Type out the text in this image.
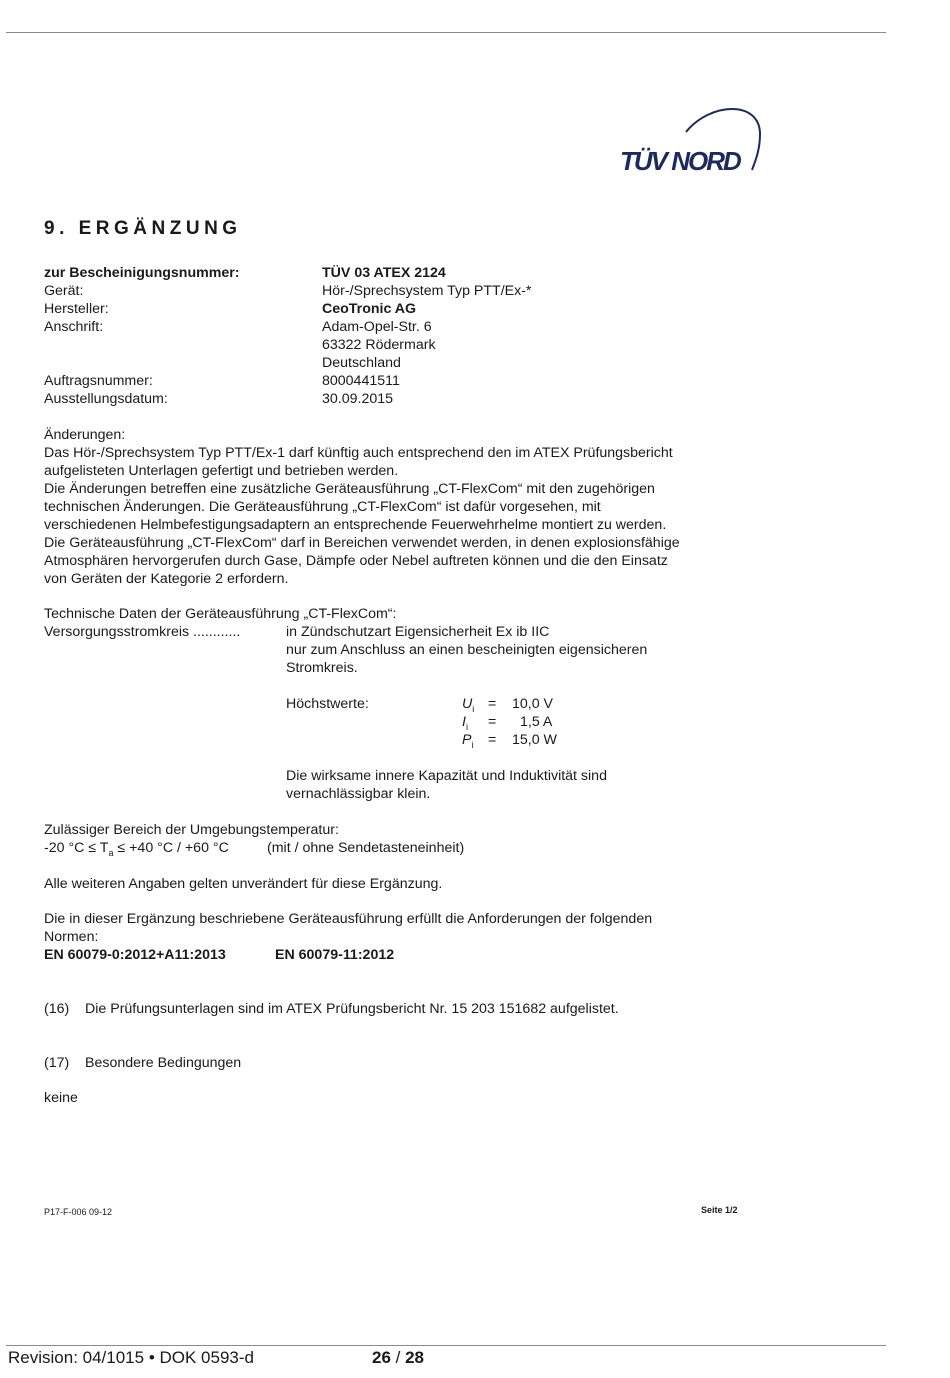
TÜV NORD
9. ERGÄNZUNG
zur Bescheinigungsnummer:	TÜV 03 ATEX 2124
Gerät:	Hör-/Sprechsystem Typ PTT/Ex-*
Hersteller:	CeoTronic AG
Anschrift:	Adam-Opel-Str. 6
63322 Rödermark
Deutschland
Auftragsnummer:	8000441511
Ausstellungsdatum:	30.09.2015
Änderungen:
Das Hör-/Sprechsystem Typ PTT/Ex-1 darf künftig auch entsprechend den im ATEX Prüfungsbericht
aufgelisteten Unterlagen gefertigt und betrieben werden.
Die Änderungen betreffen eine zusätzliche Geräteausführung „CT-FlexCom“ mit den zugehörigen
technischen Änderungen. Die Geräteausführung „CT-FlexCom“ ist dafür vorgesehen, mit
verschiedenen Helmbefestigungsadaptern an entsprechende Feuerwehrhelme montiert zu werden.
Die Geräteausführung „CT-FlexCom“ darf in Bereichen verwendet werden, in denen explosionsfähige
Atmosphären hervorgerufen durch Gase, Dämpfe oder Nebel auftreten können und die den Einsatz
von Geräten der Kategorie 2 erfordern.
Technische Daten der Geräteausführung „CT-FlexCom“:
Versorgungsstromkreis ............	in Zündschutzart Eigensicherheit Ex ib IIC
nur zum Anschluss an einen bescheinigten eigensicheren
Stromkreis.
Höchstwerte:	$U_i = 10,0$ V
$I_i = 1,5$ A
$P_i = 15,0$ W
Die wirksame innere Kapazität und Induktivität sind
vernachlässigbar klein.
Zulässiger Bereich der Umgebungstemperatur:
-20 $^\circ C \le T_a \le +40$ °C / +60 °C	(mit / ohne Sendetasteneinheit)
Alle weiteren Angaben gelten unverändert für diese Ergänzung.
Die in dieser Ergänzung beschriebene Geräteausführung erfüllt die Anforderungen der folgenden
Normen:
EN 60079-0:2012+A11:2013	EN 60079-11:2012
(16) Die Prüfungsunterlagen sind im ATEX Prüfungsbericht Nr. 15 203 151682 aufgelistet.
(17) Besondere Bedingungen
keine
P17-F-006 09-12	Seite 1/2
Revision: 04/1015 • DOK 0593-d	26 / 28
